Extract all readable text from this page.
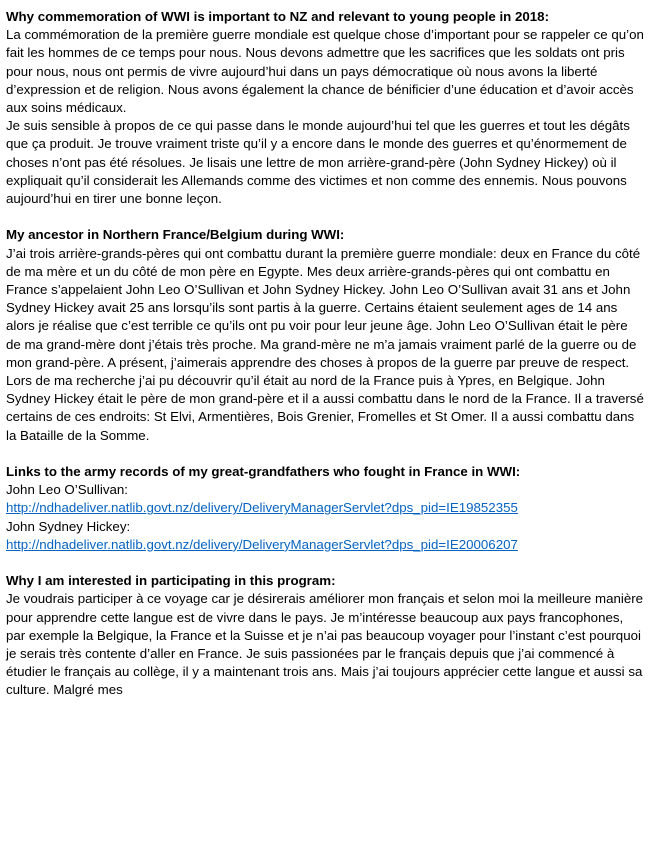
Why commemoration of WWI is important to NZ and relevant to young people in 2018:
La commémoration de la première guerre mondiale est quelque chose d’important pour se rappeler ce qu’on fait les hommes de ce temps pour nous. Nous devons admettre que les sacrifices que les soldats ont pris pour nous, nous ont permis de vivre aujourd’hui dans un pays démocratique où nous avons la liberté d’expression et de religion. Nous avons également la chance de bénificier d’une éducation et d’avoir accès aux soins médicaux.
Je suis sensible à propos de ce qui passe dans le monde aujourd’hui tel que les guerres et tout les dégâts que ça produit. Je trouve vraiment triste qu’il y a encore dans le monde des guerres et qu’énormement de choses n’ont pas été résolues. Je lisais une lettre de mon arrière-grand-père (John Sydney Hickey) où il expliquait qu’il considerait les Allemands comme des victimes et non comme des ennemis. Nous pouvons aujourd’hui en tirer une bonne leçon.
My ancestor in Northern France/Belgium during WWI:
J’ai trois arrière-grands-pères qui ont combattu durant la première guerre mondiale: deux en France du côté de ma mère et un du côté de mon père en Egypte. Mes deux arrière-grands-pères qui ont combattu en France s’appelaient John Leo O’Sullivan et John Sydney Hickey. John Leo O’Sullivan avait 31 ans et John Sydney Hickey avait 25 ans lorsqu’ils sont partis à la guerre. Certains étaient seulement ages de 14 ans alors je réalise que c’est terrible ce qu’ils ont pu voir pour leur jeune âge. John Leo O’Sullivan était le père de ma grand-mère dont j’étais très proche. Ma grand-mère ne m’a jamais vraiment parlé de la guerre ou de mon grand-père. A présent, j’aimerais apprendre des choses à propos de la guerre par preuve de respect. Lors de ma recherche j’ai pu découvrir qu’il était au nord de la France puis à Ypres, en Belgique. John Sydney Hickey était le père de mon grand-père et il a aussi combattu dans le nord de la France. Il a traversé certains de ces endroits: St Elvi, Armentières, Bois Grenier, Fromelles et St Omer. Il a aussi combattu dans la Bataille de la Somme.
Links to the army records of my great-grandfathers who fought in France in WWI:
John Leo O’Sullivan:
http://ndhadeliver.natlib.govt.nz/delivery/DeliveryManagerServlet?dps_pid=IE19852355
John Sydney Hickey:
http://ndhadeliver.natlib.govt.nz/delivery/DeliveryManagerServlet?dps_pid=IE20006207
Why I am interested in participating in this program:
Je voudrais participer à ce voyage car je désirerais améliorer mon français et selon moi la meilleure manière pour apprendre cette langue est de vivre dans le pays. Je m’intéresse beaucoup aux pays francophones, par exemple la Belgique, la France et la Suisse et je n’ai pas beaucoup voyager pour l’instant c’est pourquoi je serais très contente d’aller en France. Je suis passionées par le français depuis que j’ai commencé à étudier le français au collège, il y a maintenant trois ans. Mais j’ai toujours apprécier cette langue et aussi sa culture. Malgré mes
